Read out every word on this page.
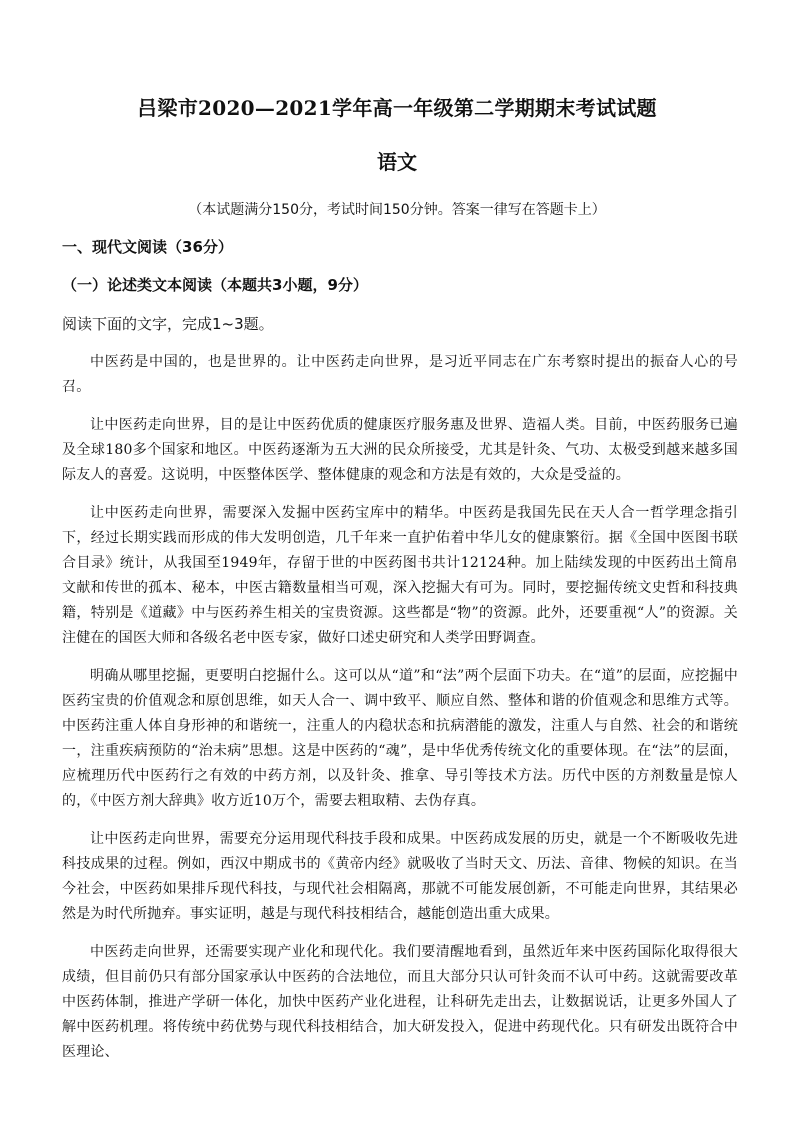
吕梁市2020—2021学年高一年级第二学期期末考试试题
语文

（本试题满分150分，考试时间150分钟。答案一律写在答题卡上）

一、现代文阅读（36分）

（一）论述类文本阅读（本题共3小题，9分）

阅读下面的文字，完成1~3题。

中医药是中国的，也是世界的。让中医药走向世界，是习近平同志在广东考察时提出的振奋人心的号召。

让中医药走向世界，目的是让中医药优质的健康医疗服务惠及世界、造福人类。目前，中医药服务已遍及全球180多个国家和地区。中医药逐渐为五大洲的民众所接受，尤其是针灸、气功、太极受到越来越多国际友人的喜爱。这说明，中医整体医学、整体健康的观念和方法是有效的，大众是受益的。

让中医药走向世界，需要深入发掘中医药宝库中的精华。中医药是我国先民在天人合一哲学理念指引下，经过长期实践而形成的伟大发明创造，几千年来一直护佑着中华儿女的健康繁衍。据《全国中医图书联合目录》统计，从我国至1949年，存留于世的中医药图书共计12124种。加上陆续发现的中医药出土简帛文献和传世的孤本、秘本，中医古籍数量相当可观，深入挖掘大有可为。同时，要挖掘传统文史哲和科技典籍，特别是《道藏》中与医药养生相关的宝贵资源。这些都是“物”的资源。此外，还要重视“人”的资源。关注健在的国医大师和各级名老中医专家，做好口述史研究和人类学田野调查。

明确从哪里挖掘，更要明白挖掘什么。这可以从“道”和“法”两个层面下功夫。在“道”的层面，应挖掘中医药宝贵的价值观念和原创思维，如天人合一、调中致平、顺应自然、整体和谐的价值观念和思维方式等。中医药注重人体自身形神的和谐统一，注重人的内稳状态和抗病潜能的激发，注重人与自然、社会的和谐统一，注重疾病预防的“治未病”思想。这是中医药的“魂”，是中华优秀传统文化的重要体现。在“法”的层面，应梳理历代中医药行之有效的中药方剂，以及针灸、推拿、导引等技术方法。历代中医的方剂数量是惊人的，《中医方剂大辞典》收方近10万个，需要去粗取精、去伪存真。

让中医药走向世界，需要充分运用现代科技手段和成果。中医药成发展的历史，就是一个不断吸收先进科技成果的过程。例如，西汉中期成书的《黄帝内经》就吸收了当时天文、历法、音律、物候的知识。在当今社会，中医药如果排斥现代科技，与现代社会相隔离，那就不可能发展创新，不可能走向世界，其结果必然是为时代所抛弃。事实证明，越是与现代科技相结合，越能创造出重大成果。

中医药走向世界，还需要实现产业化和现代化。我们要清醒地看到，虽然近年来中医药国际化取得很大成绩，但目前仍只有部分国家承认中医药的合法地位，而且大部分只认可针灸而不认可中药。这就需要改革中医药体制，推进产学研一体化，加快中医药产业化进程，让科研先走出去，让数据说话，让更多外国人了解中医药机理。将传统中药优势与现代科技相结合，加大研发投入，促进中药现代化。只有研发出既符合中医理论、
